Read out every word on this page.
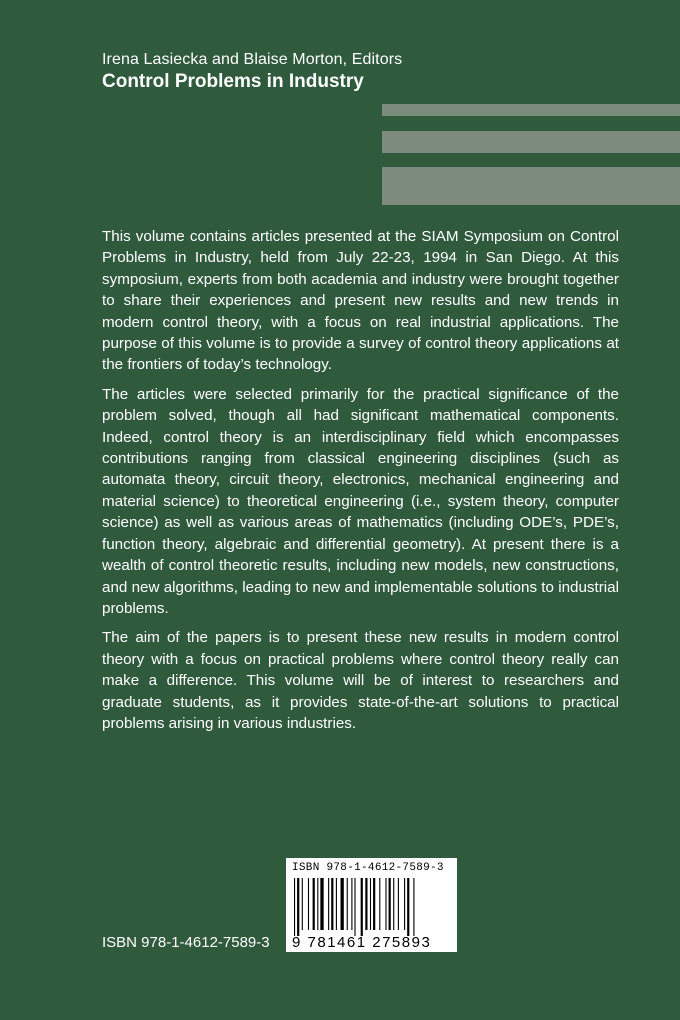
Irena Lasiecka and Blaise Morton, Editors
Control Problems in Industry

This volume contains articles presented at the SIAM Symposium on Control Problems in Industry, held from July 22-23, 1994 in San Diego. At this symposium, experts from both academia and industry were brought together to share their experiences and present new results and new trends in modern control theory, with a focus on real industrial applications. The purpose of this volume is to provide a survey of control theory applications at the frontiers of today’s technology.

The articles were selected primarily for the practical significance of the problem solved, though all had significant mathematical components. Indeed, control theory is an interdisciplinary field which encompasses contributions ranging from classical engineering disciplines (such as automata theory, circuit theory, electronics, mechanical engineering and material science) to theoretical engineering (i.e., system theory, computer science) as well as various areas of mathematics (including ODE’s, PDE’s, function theory, algebraic and differential geometry). At present there is a wealth of control theoretic results, including new models, new constructions, and new algorithms, leading to new and implementable solutions to industrial problems.

The aim of the papers is to present these new results in modern control theory with a focus on practical problems where control theory really can make a difference. This volume will be of interest to researchers and graduate students, as it provides state-of-the-art solutions to practical problems arising in various industries.

ISBN 978-1-4612-7589-3
9 781461 275893
ISBN 978-1-4612-7589-3
